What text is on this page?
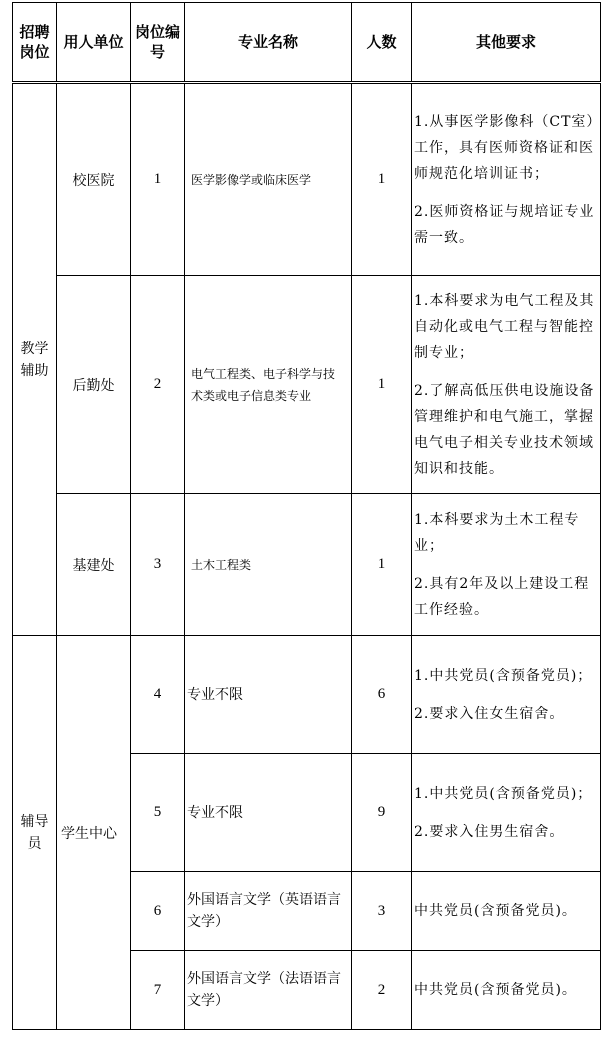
招聘岗位	用人单位	岗位编号	专业名称	人数	其他要求
教学辅助	校医院	1	医学影像学或临床医学	1	1.从事医学影像科（CT室）工作，具有医师资格证和医师规范化培训证书；

2.医师资格证与规培证专业需一致。

	后勤处	2	电气工程类、电子科学与技术类或电子信息类专业	1	1.本科要求为电气工程及其自动化或电气工程与智能控制专业；

2.了解高低压供电设施设备管理维护和电气施工，掌握电气电子相关专业技术领域知识和技能。

	基建处	3	土木工程类	1	1.本科要求为土木工程专业；

2.具有2年及以上建设工程工作经验。

辅导员	学生中心	4	专业不限	6	1.中共党员(含预备党员)；

2.要求入住女生宿舍。

		5	专业不限	9	1.中共党员(含预备党员)；

2.要求入住男生宿舍。

		6	外国语言文学（英语语言文学）	3	中共党员(含预备党员)。

		7	外国语言文学（法语语言文学）	2	中共党员(含预备党员)。
